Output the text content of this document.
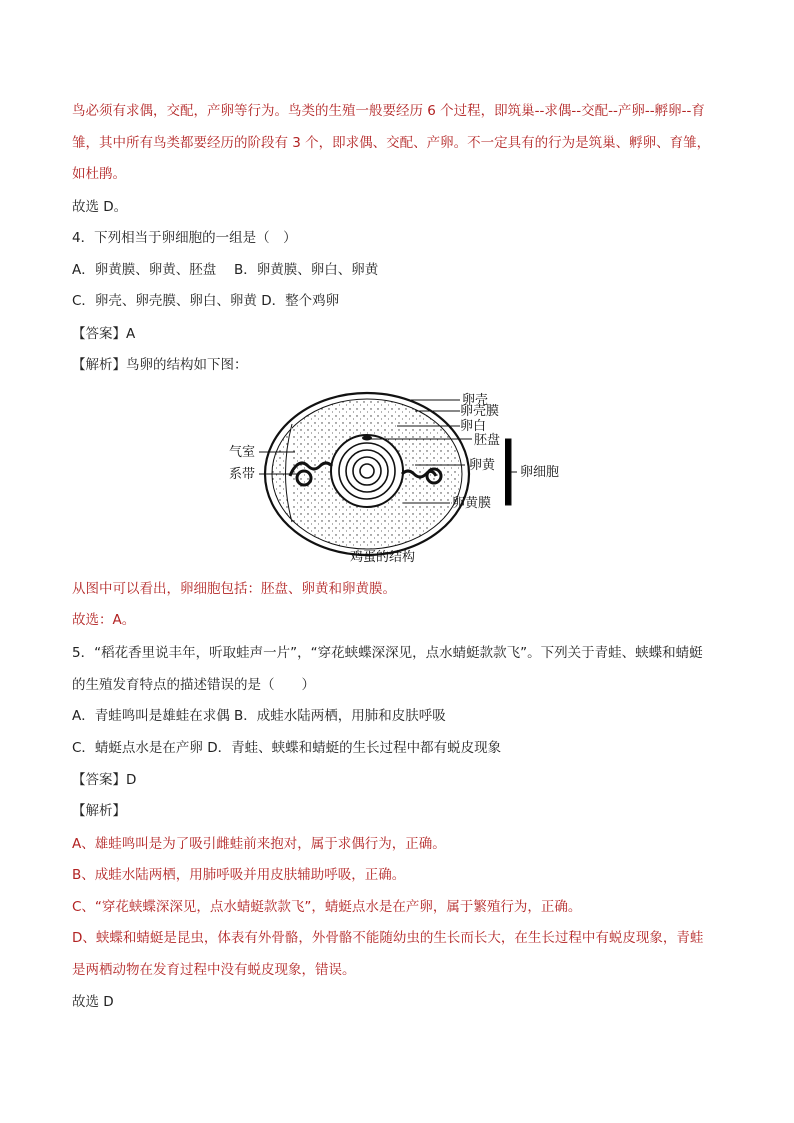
鸟必须有求偶，交配，产卵等行为。鸟类的生殖一般要经历 6 个过程，即筑巢--求偶--交配--产卵--孵卵--育
雏，其中所有鸟类都要经历的阶段有 3 个，即求偶、交配、产卵。不一定具有的行为是筑巢、孵卵、育雏，
如杜鹃。
故选 D。
4．下列相当于卵细胞的一组是（　）
A．卵黄膜、卵黄、胚盘　 B．卵黄膜、卵白、卵黄
C．卵壳、卵壳膜、卵白、卵黄 D．整个鸡卵
【答案】A
【解析】鸟卵的结构如下图：
卵壳
卵壳膜
卵白
胚盘
卵黄
卵黄膜
气室
系带	卵细胞
鸡蛋的结构
从图中可以看出，卵细胞包括：胚盘、卵黄和卵黄膜。
故选：A。
5．“稻花香里说丰年，听取蛙声一片”，“穿花蛱蝶深深见，点水蜻蜓款款飞”。下列关于青蛙、蛱蝶和蜻蜓
的生殖发育特点的描述错误的是（　　）
A．青蛙鸣叫是雄蛙在求偶 B．成蛙水陆两栖，用肺和皮肤呼吸
C．蜻蜓点水是在产卵 D．青蛙、蛱蝶和蜻蜓的生长过程中都有蜕皮现象
【答案】D
【解析】
A、雄蛙鸣叫是为了吸引雌蛙前来抱对，属于求偶行为，正确。
B、成蛙水陆两栖，用肺呼吸并用皮肤辅助呼吸，正确。
C、“穿花蛱蝶深深见，点水蜻蜓款款飞”，蜻蜓点水是在产卵，属于繁殖行为，正确。
D、蛱蝶和蜻蜓是昆虫，体表有外骨骼，外骨骼不能随幼虫的生长而长大，在生长过程中有蜕皮现象，青蛙
是两栖动物在发育过程中没有蜕皮现象，错误。
故选 D
